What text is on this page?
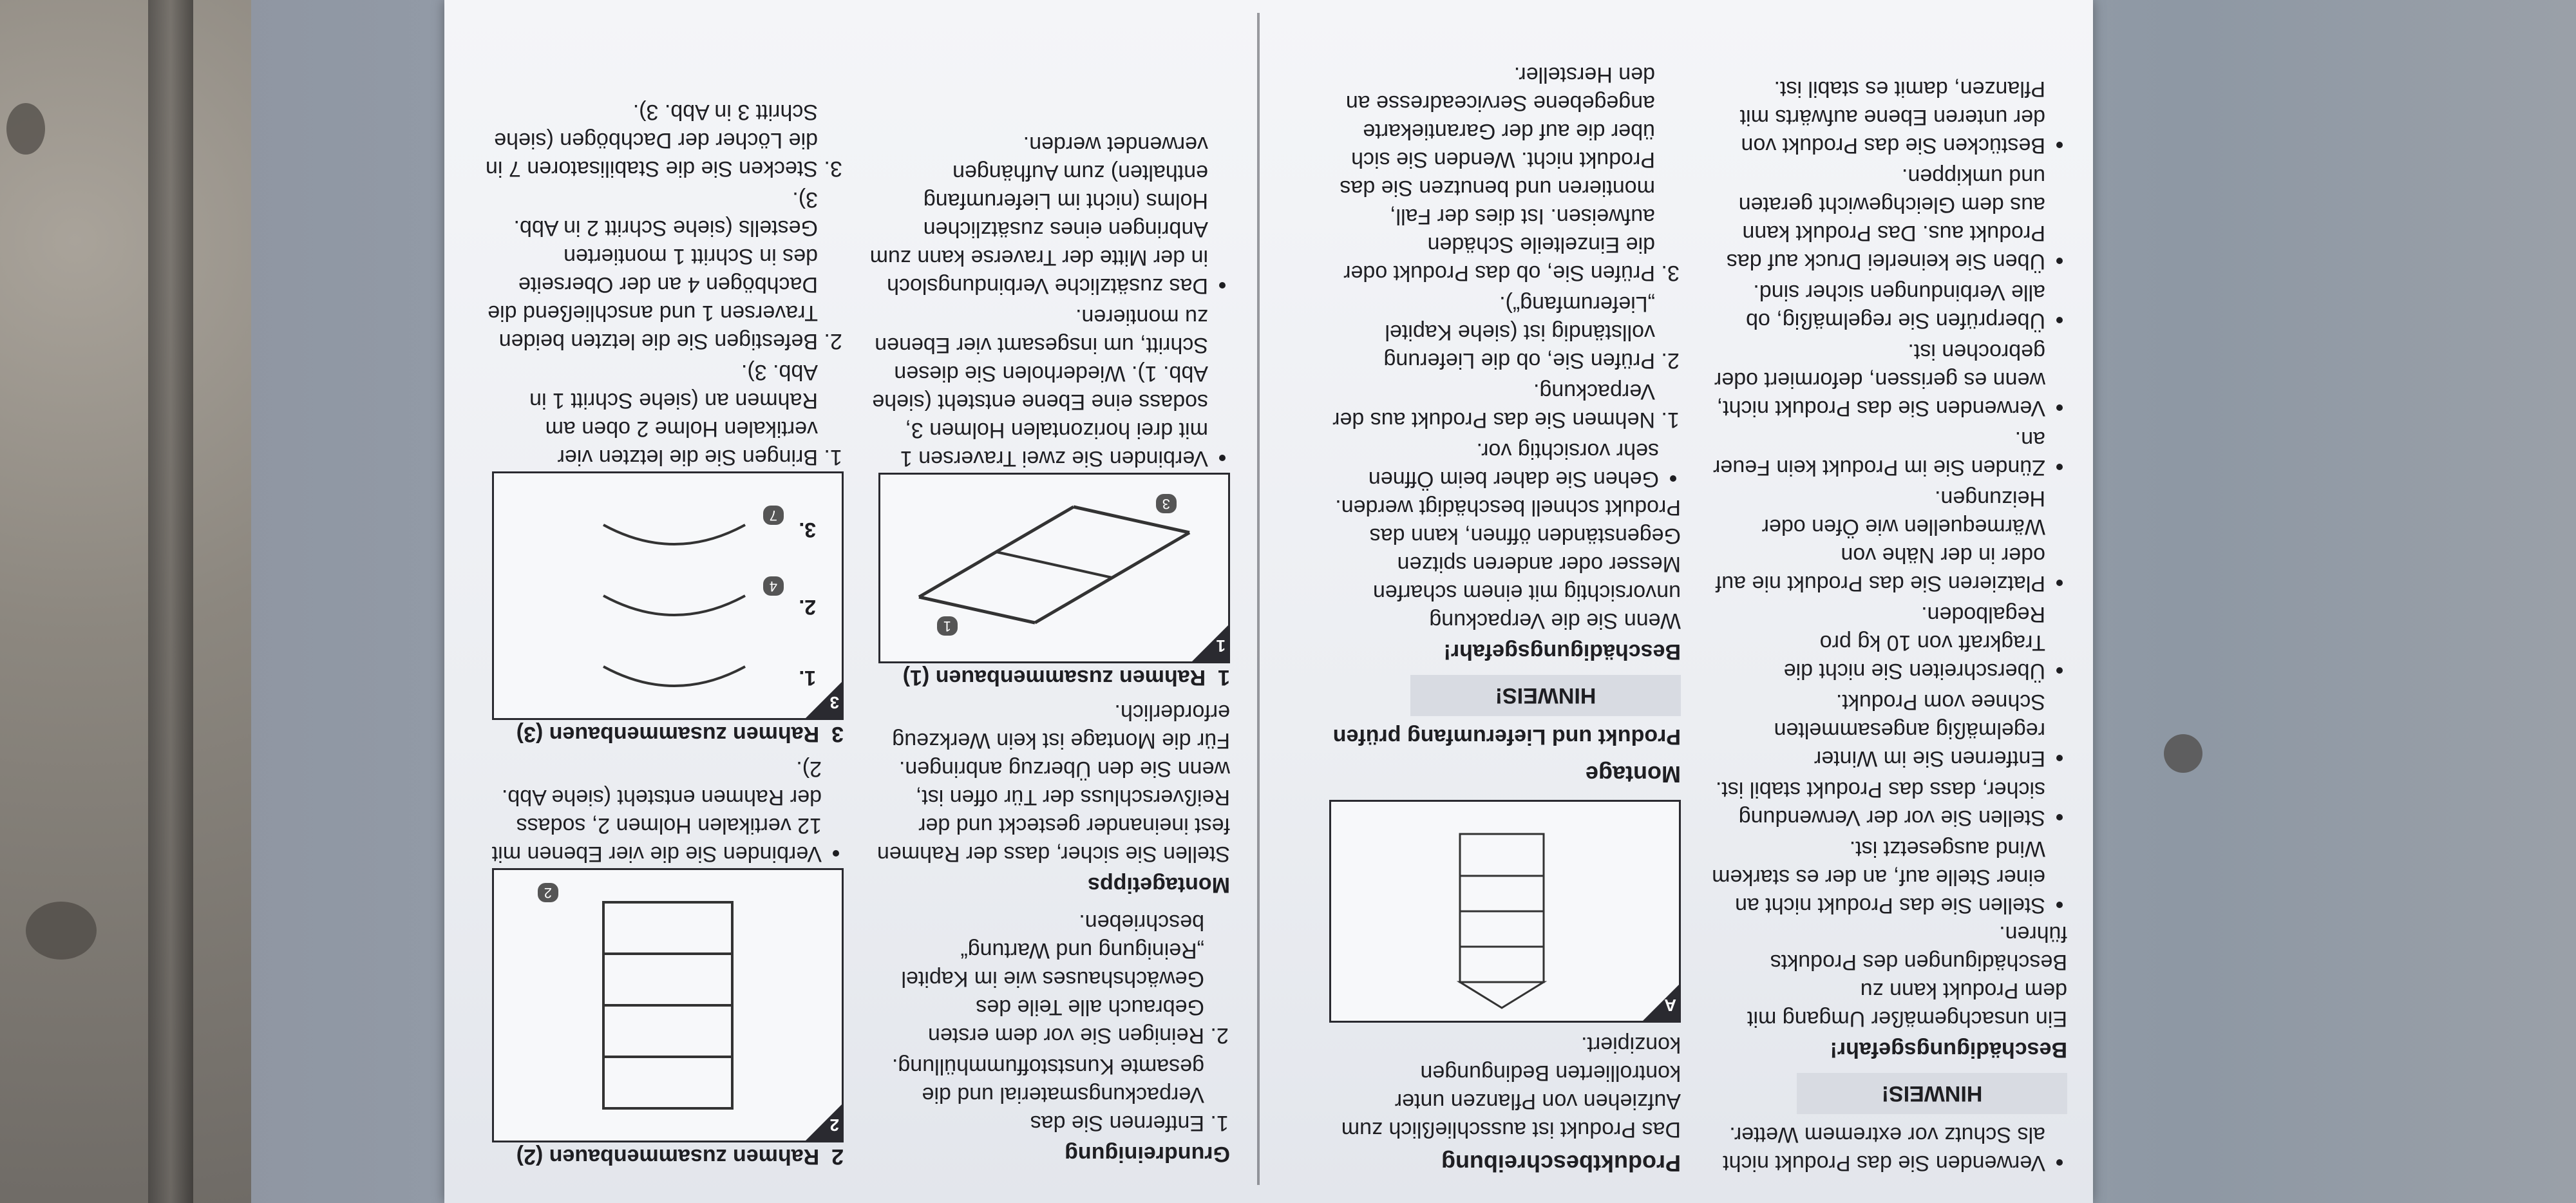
• Verwenden Sie das Produkt nicht als Schutz vor extremem Wetter.
HINWEIS!
Beschädigungsgefahr!
Ein unsachgemäßer Umgang mit dem Produkt kann zu Beschädigungen des Produkts führen.
• Stellen Sie das Produkt nicht an einer Stelle auf, an der es starkem Wind ausgesetzt ist.
• Stellen Sie vor der Verwendung sicher, dass das Produkt stabil ist.
• Entfernen Sie im Winter regelmäßig angesammelten Schnee vom Produkt.
• Überschreiten Sie nicht die Tragkraft von 10 kg pro Regalboden.
• Platzieren Sie das Produkt nie auf oder in der Nähe von Wärmequellen wie Öfen oder Heizungen.
• Zünden Sie im Produkt kein Feuer an.
• Verwenden Sie das Produkt nicht, wenn es gerissen, deformiert oder gebrochen ist.
• Überprüfen Sie regelmäßig, ob alle Verbindungen sicher sind.
• Üben Sie keinerlei Druck auf das Produkt aus. Das Produkt kann aus dem Gleichgewicht geraten und umkippen.
• Bestücken Sie das Produkt von der unteren Ebene aufwärts mit Pflanzen, damit es stabil ist.
Produktbeschreibung
Das Produkt ist ausschließlich zum Aufziehen von Pflanzen unter kontrollierten Bedingungen konzipiert.
A
Montage
Produkt und Lieferumfang prüfen
HINWEIS!
Beschädigungsgefahr!
Wenn Sie die Verpackung unvorsichtig mit einem scharfen Messer oder anderen spitzen Gegenständen öffnen, kann das Produkt schnell beschädigt werden.
• Gehen Sie daher beim Öffnen sehr vorsichtig vor.
1. Nehmen Sie das Produkt aus der Verpackung.
2. Prüfen Sie, ob die Lieferung vollständig ist (siehe Kapitel „Lieferumfang“).
3. Prüfen Sie, ob das Produkt oder die Einzelteile Schäden aufweisen. Ist dies der Fall, montieren und benutzen Sie das Produkt nicht. Wenden Sie sich über die auf der Garantiekarte angegebene Serviceadresse an den Hersteller.
Grundreinigung
1. Entfernen Sie das Verpackungsmaterial und die gesamte Kunststoffummhüllung.
2. Reinigen Sie vor dem ersten Gebrauch alle Teile des Gewächshauses wie im Kapitel „Reinigung und Wartung“ beschrieben.
Montagetipps
Stellen Sie sicher, dass der Rahmen fest ineinander gesteckt und der Reißverschluss der Tür offen ist, wenn Sie den Überzug anbringen. Für die Montage ist kein Werkzeug erforderlich.
1  Rahmen zusammenbauen (1)
1
1
3
• Verbinden Sie zwei Traversen 1 mit drei horizontalen Holmen 3, sodass eine Ebene entsteht (siehe Abb. 1). Wiederholen Sie diesen Schritt, um insgesamt vier Ebenen zu montieren.
• Das zusätzliche Verbindungsloch in der Mitte der Traverse kann zum Anbringen eines zusätzlichen Holms (nicht im Lieferumfang enthalten) zum Aufhängen verwendet werden.
2  Rahmen zusammenbauen (2)
2
2
• Verbinden Sie die vier Ebenen mit 12 vertikalen Holmen 2, sodass der Rahmen entsteht (siehe Abb. 2).
3  Rahmen zusammenbauen (3)
3
1.
2.
3.
4
7
1. Bringen Sie die letzten vier vertikalen Holme 2 oben am Rahmen an (siehe Schritt 1 in Abb. 3).
2. Befestigen Sie die letzten beiden Traversen 1 und anschließend die Dachbögen 4 an der Oberseite des in Schritt 1 montierten Gestells (siehe Schritt 2 in Abb. 3).
3. Stecken Sie die Stabilisatoren 7 in die Löcher der Dachbögen (siehe Schritt 3 in Abb. 3).
